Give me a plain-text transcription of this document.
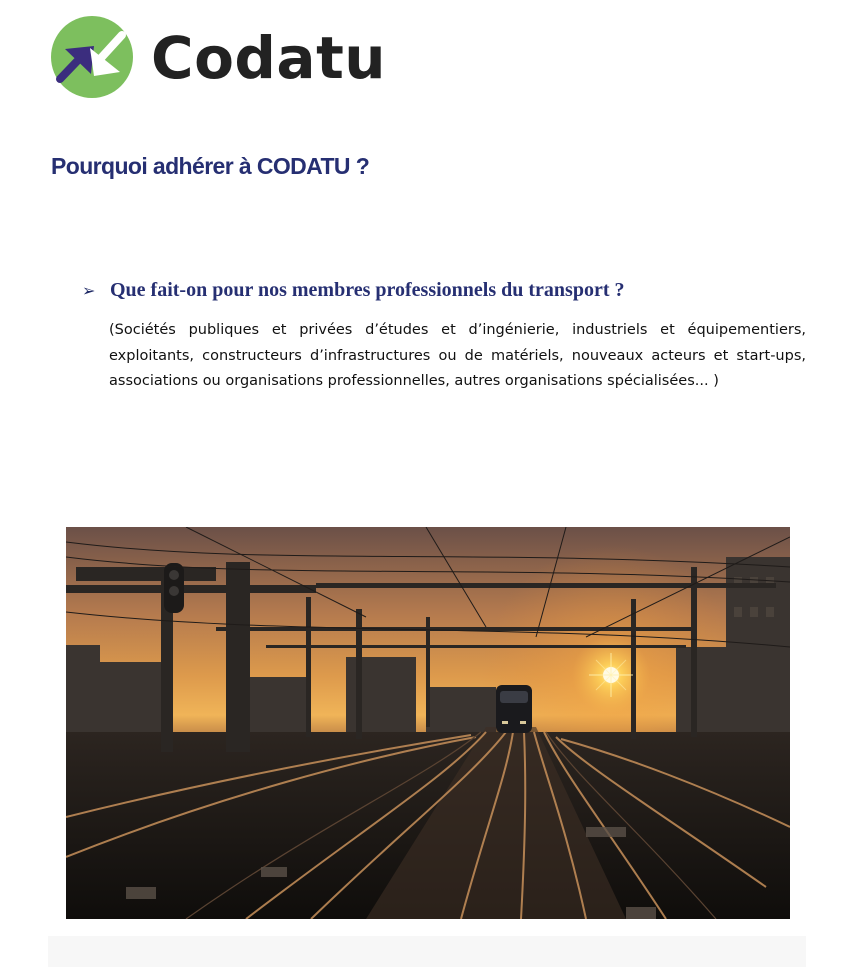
Codatu
Pourquoi adhérer à CODATU ?
➢ Que fait-on pour nos membres professionnels du transport ?

(Sociétés publiques et privées d’études et d’ingénierie, industriels et équipementiers, exploitants, constructeurs d’infrastructures ou de matériels, nouveaux acteurs et start-ups, associations ou organisations professionnelles, autres organisations spécialisées... )
